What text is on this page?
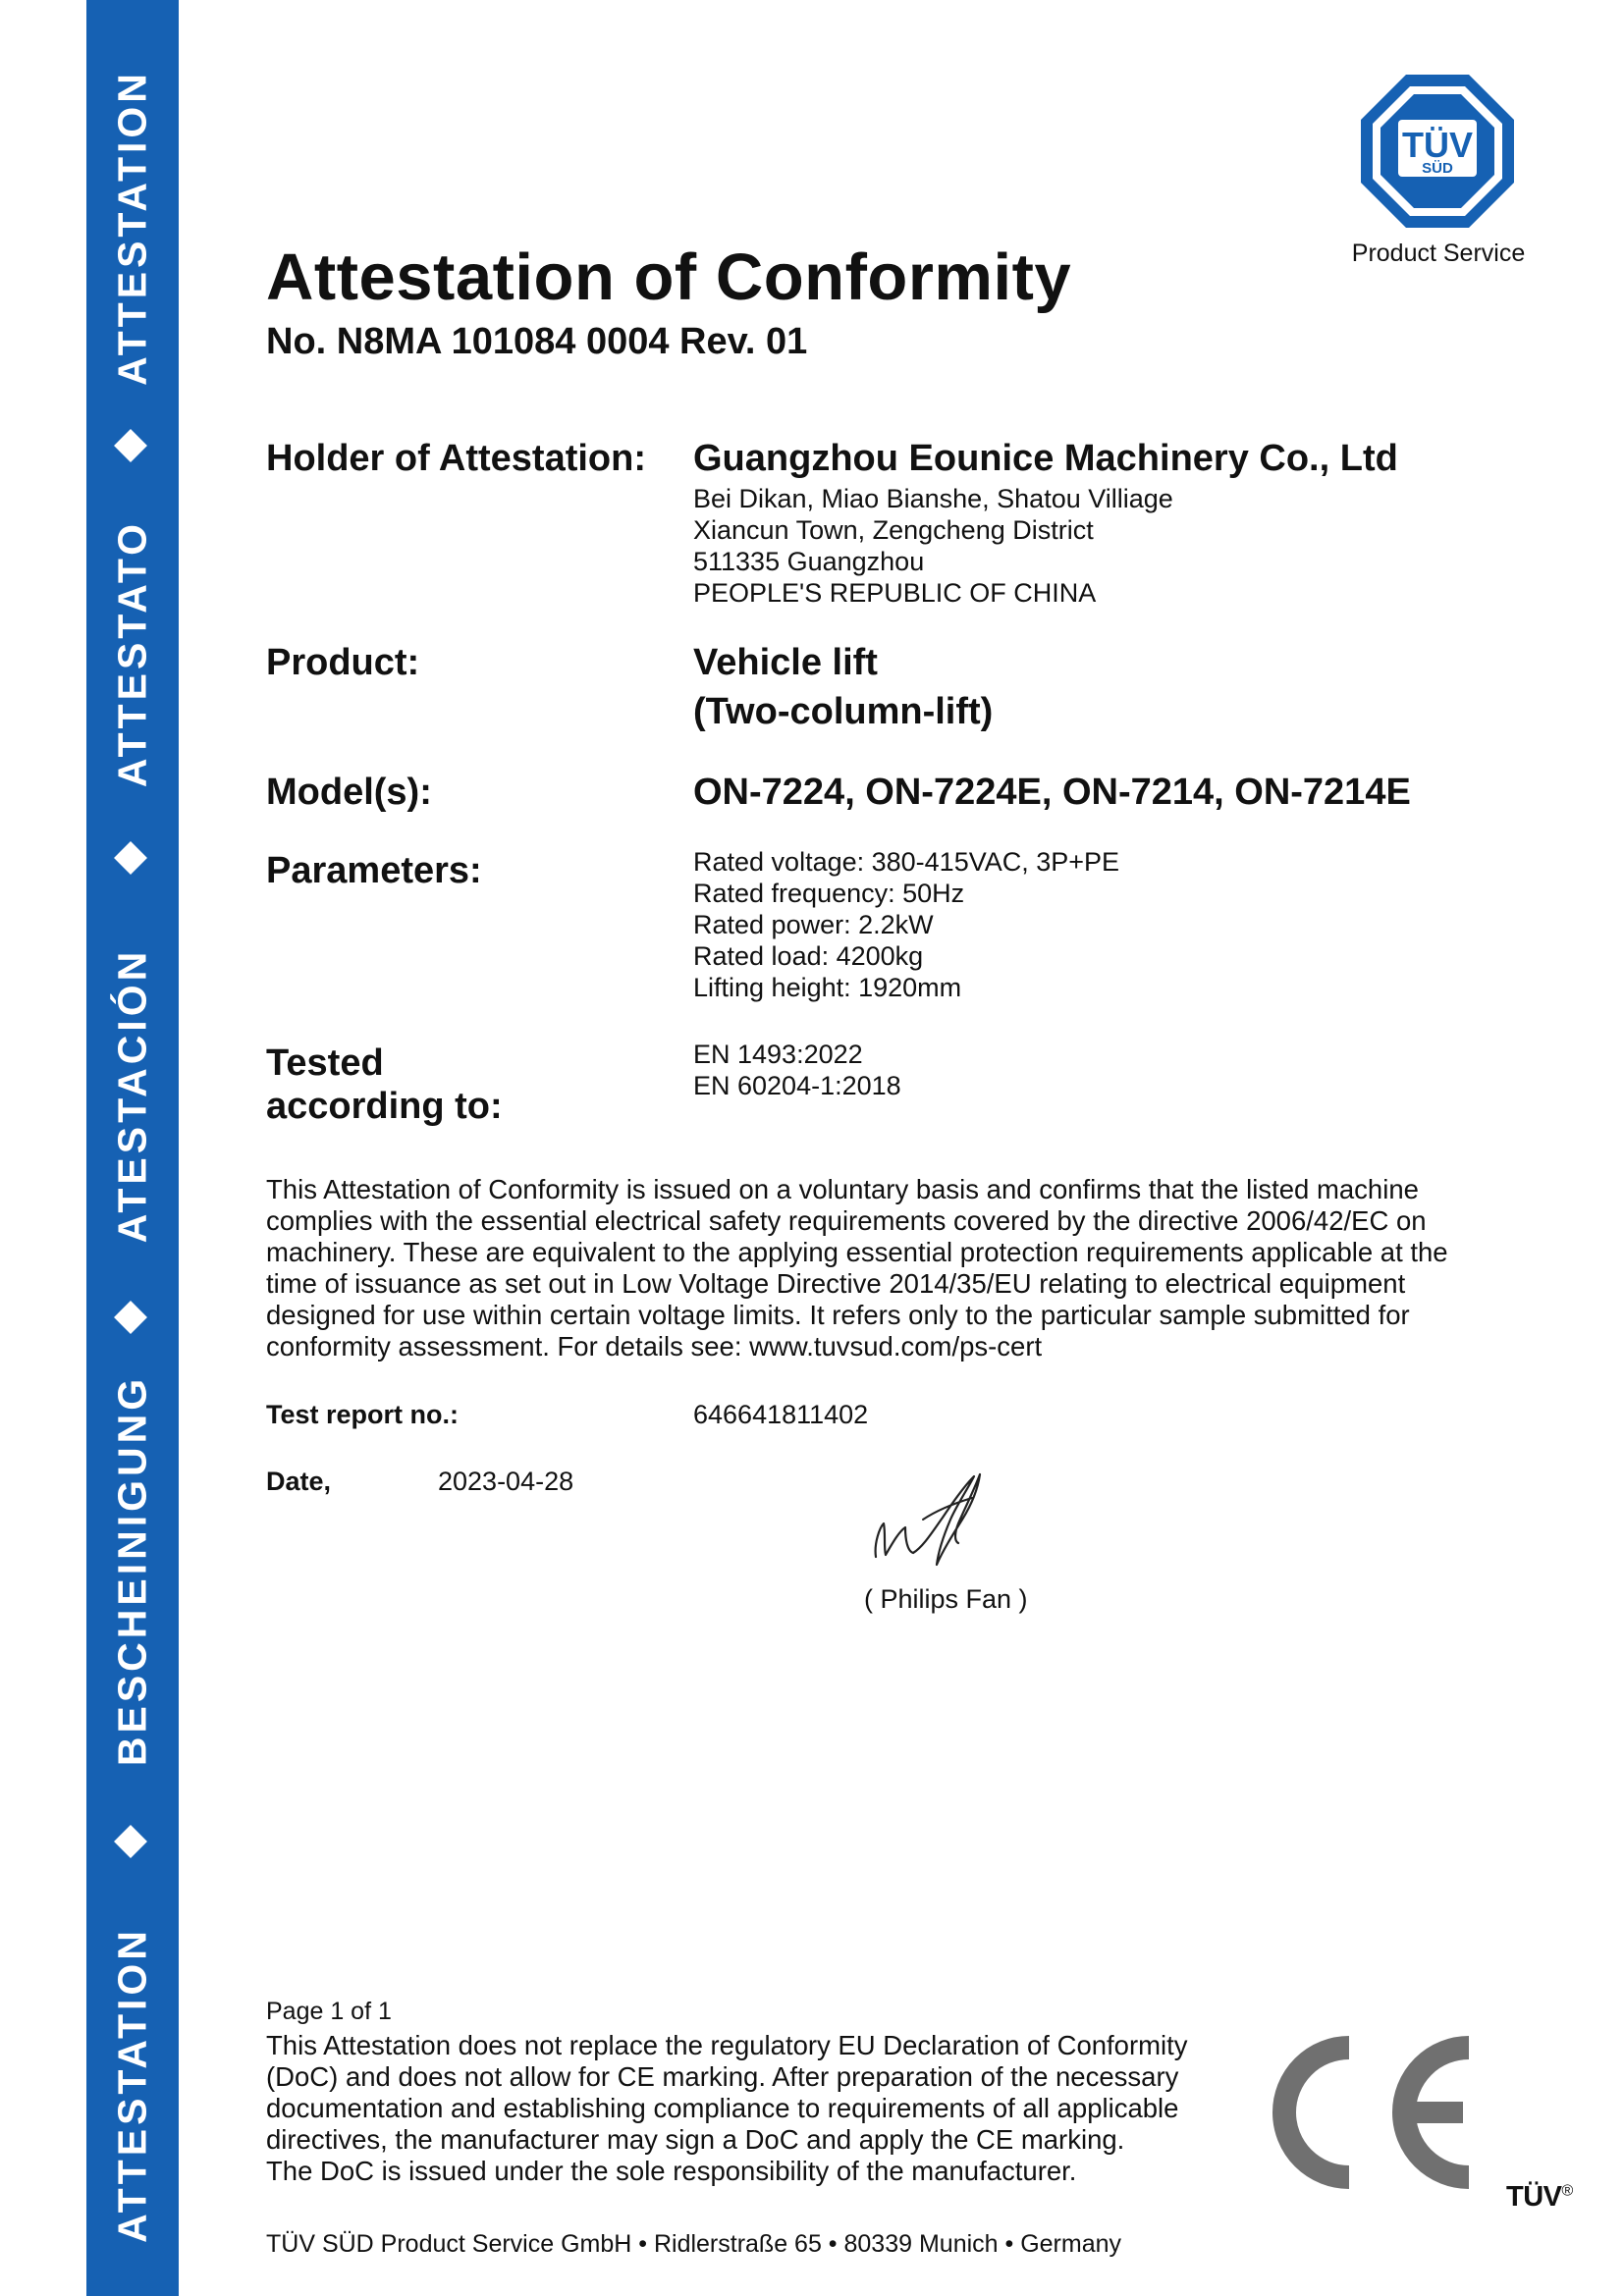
ATTESTATION
ATTESTATO
ATESTACIÓN
BESCHEINIGUNG
ATTESTATION
TÜV
SÜD
Product Service
Attestation of Conformity
No. N8MA 101084 0004 Rev. 01
Holder of Attestation: Guangzhou Eounice Machinery Co., Ltd
Bei Dikan, Miao Bianshe, Shatou Villiage
Xiancun Town, Zengcheng District
511335 Guangzhou
PEOPLE'S REPUBLIC OF CHINA
Product:	Vehicle lift
(Two-column-lift)
Model(s):	ON-7224, ON-7224E, ON-7214, ON-7214E
Parameters:	Rated voltage: 380-415VAC, 3P+PE
Rated frequency: 50Hz
Rated power: 2.2kW
Rated load: 4200kg
Lifting height: 1920mm
Tested
according to:
EN 1493:2022
EN 60204-1:2018
This Attestation of Conformity is issued on a voluntary basis and confirms that the listed machine complies with the essential electrical safety requirements covered by the directive 2006/42/EC on machinery. These are equivalent to the applying essential protection requirements applicable at the time of issuance as set out in Low Voltage Directive 2014/35/EU relating to electrical equipment designed for use within certain voltage limits. It refers only to the particular sample submitted for conformity assessment. For details see: www.tuvsud.com/ps-cert
Test report no.:	646641811402
Date,	2023-04-28
( Philips Fan )
Page 1 of 1
This Attestation does not replace the regulatory EU Declaration of Conformity
(DoC) and does not allow for CE marking. After preparation of the necessary
documentation and establishing compliance to requirements of all applicable
directives, the manufacturer may sign a DoC and apply the CE marking.
The DoC is issued under the sole responsibility of the manufacturer.
TÜV SÜD Product Service GmbH • Ridlerstraße 65 • 80339 Munich • Germany
TÜV®
